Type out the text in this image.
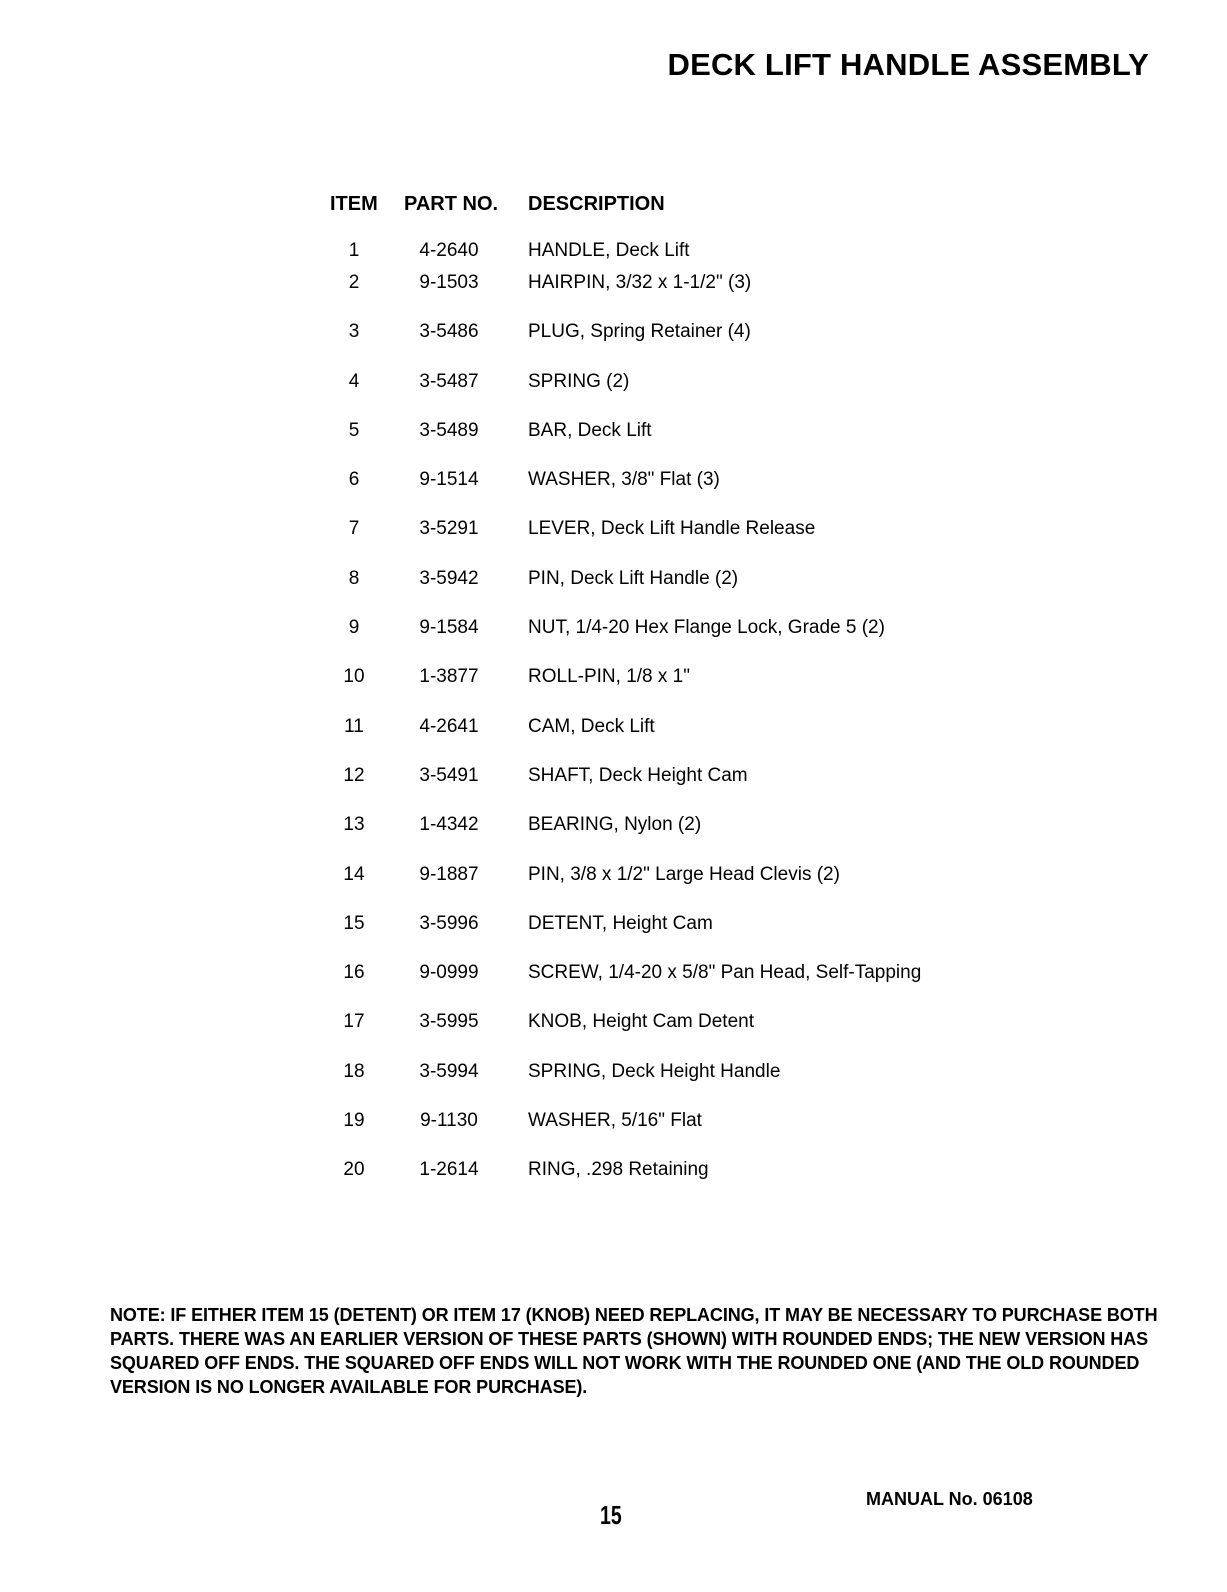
DECK LIFT HANDLE ASSEMBLY
ITEM	PART NO.	DESCRIPTION
1	4-2640	HANDLE, Deck Lift
2	9-1503	HAIRPIN, 3/32 x 1-1/2" (3)
3	3-5486	PLUG, Spring Retainer (4)
4	3-5487	SPRING (2)
5	3-5489	BAR, Deck Lift
6	9-1514	WASHER, 3/8" Flat (3)
7	3-5291	LEVER, Deck Lift Handle Release
8	3-5942	PIN, Deck Lift Handle (2)
9	9-1584	NUT, 1/4-20 Hex Flange Lock, Grade 5 (2)
10	1-3877	ROLL-PIN, 1/8 x 1"
11	4-2641	CAM, Deck Lift
12	3-5491	SHAFT, Deck Height Cam
13	1-4342	BEARING, Nylon (2)
14	9-1887	PIN, 3/8 x 1/2" Large Head Clevis (2)
15	3-5996	DETENT, Height Cam
16	9-0999	SCREW, 1/4-20 x 5/8" Pan Head, Self-Tapping
17	3-5995	KNOB, Height Cam Detent
18	3-5994	SPRING, Deck Height Handle
19	9-1130	WASHER, 5/16" Flat
20	1-2614	RING, .298 Retaining

NOTE: IF EITHER ITEM 15 (DETENT) OR ITEM 17 (KNOB) NEED REPLACING, IT MAY BE NECESSARY TO PURCHASE BOTH PARTS. THERE WAS AN EARLIER VERSION OF THESE PARTS (SHOWN) WITH ROUNDED ENDS; THE NEW VERSION HAS SQUARED OFF ENDS. THE SQUARED OFF ENDS WILL NOT WORK WITH THE ROUNDED ONE (AND THE OLD ROUNDED VERSION IS NO LONGER AVAILABLE FOR PURCHASE).

15
MANUAL No. 06108
